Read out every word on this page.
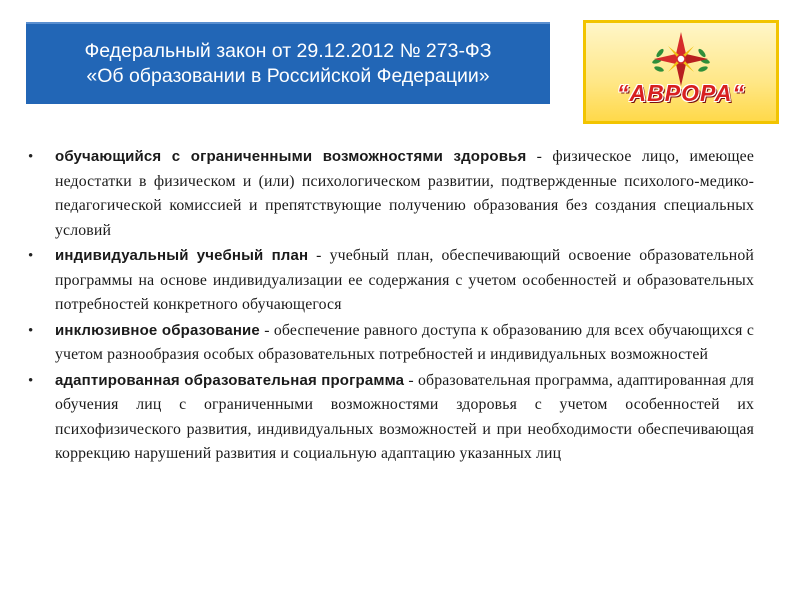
Федеральный закон от 29.12.2012 № 273-ФЗ
«Об образовании в Российской Федерации»
“АВРОРА“
• обучающийся с ограниченными возможностями здоровья - физическое лицо, имеющее недостатки в физическом и (или) психологическом развитии, подтвержденные психолого-медико-педагогической комиссией и препятствующие получению образования без создания специальных условий
• индивидуальный учебный план - учебный план, обеспечивающий освоение образовательной программы на основе индивидуализации ее содержания с учетом особенностей и образовательных потребностей конкретного обучающегося
• инклюзивное образование - обеспечение равного доступа к образованию для всех обучающихся с учетом разнообразия особых образовательных потребностей и индивидуальных возможностей
• адаптированная образовательная программа - образовательная программа, адаптированная для обучения лиц с ограниченными возможностями здоровья с учетом особенностей их психофизического развития, индивидуальных возможностей и при необходимости обеспечивающая коррекцию нарушений развития и социальную адаптацию указанных лиц
